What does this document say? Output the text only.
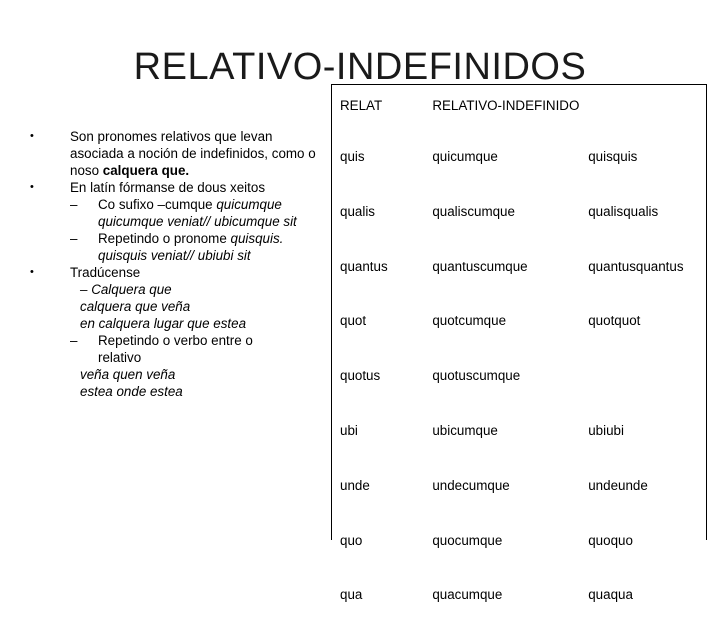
RELATIVO-INDEFINIDOS
•	Son pronomes relativos que levan asociada a noción de indefinidos, como o noso calquera que.
•	En latín fórmanse de dous xeitos
– Co sufixo –cumque quicumque quicumque veniat// ubicumque sit
– Repetindo o pronome quisquis. quisquis veniat// ubiubi sit
•	Tradúcense
– Calquera que
calquera que veña
en calquera lugar que estea
– Repetindo o verbo entre o
relativo
veña quen veña
estea onde estea
RELAT	RELATIVO-INDEFINIDO	
quis	quicumque	quisquis
qualis	qualiscumque	qualisqualis
quantus	quantuscumque	quantusquantus
quot	quotcumque	quotquot
quotus	quotuscumque	
ubi	ubicumque	ubiubi
unde	undecumque	undeunde
quo	quocumque	quoquo
qua	quacumque	quaqua
